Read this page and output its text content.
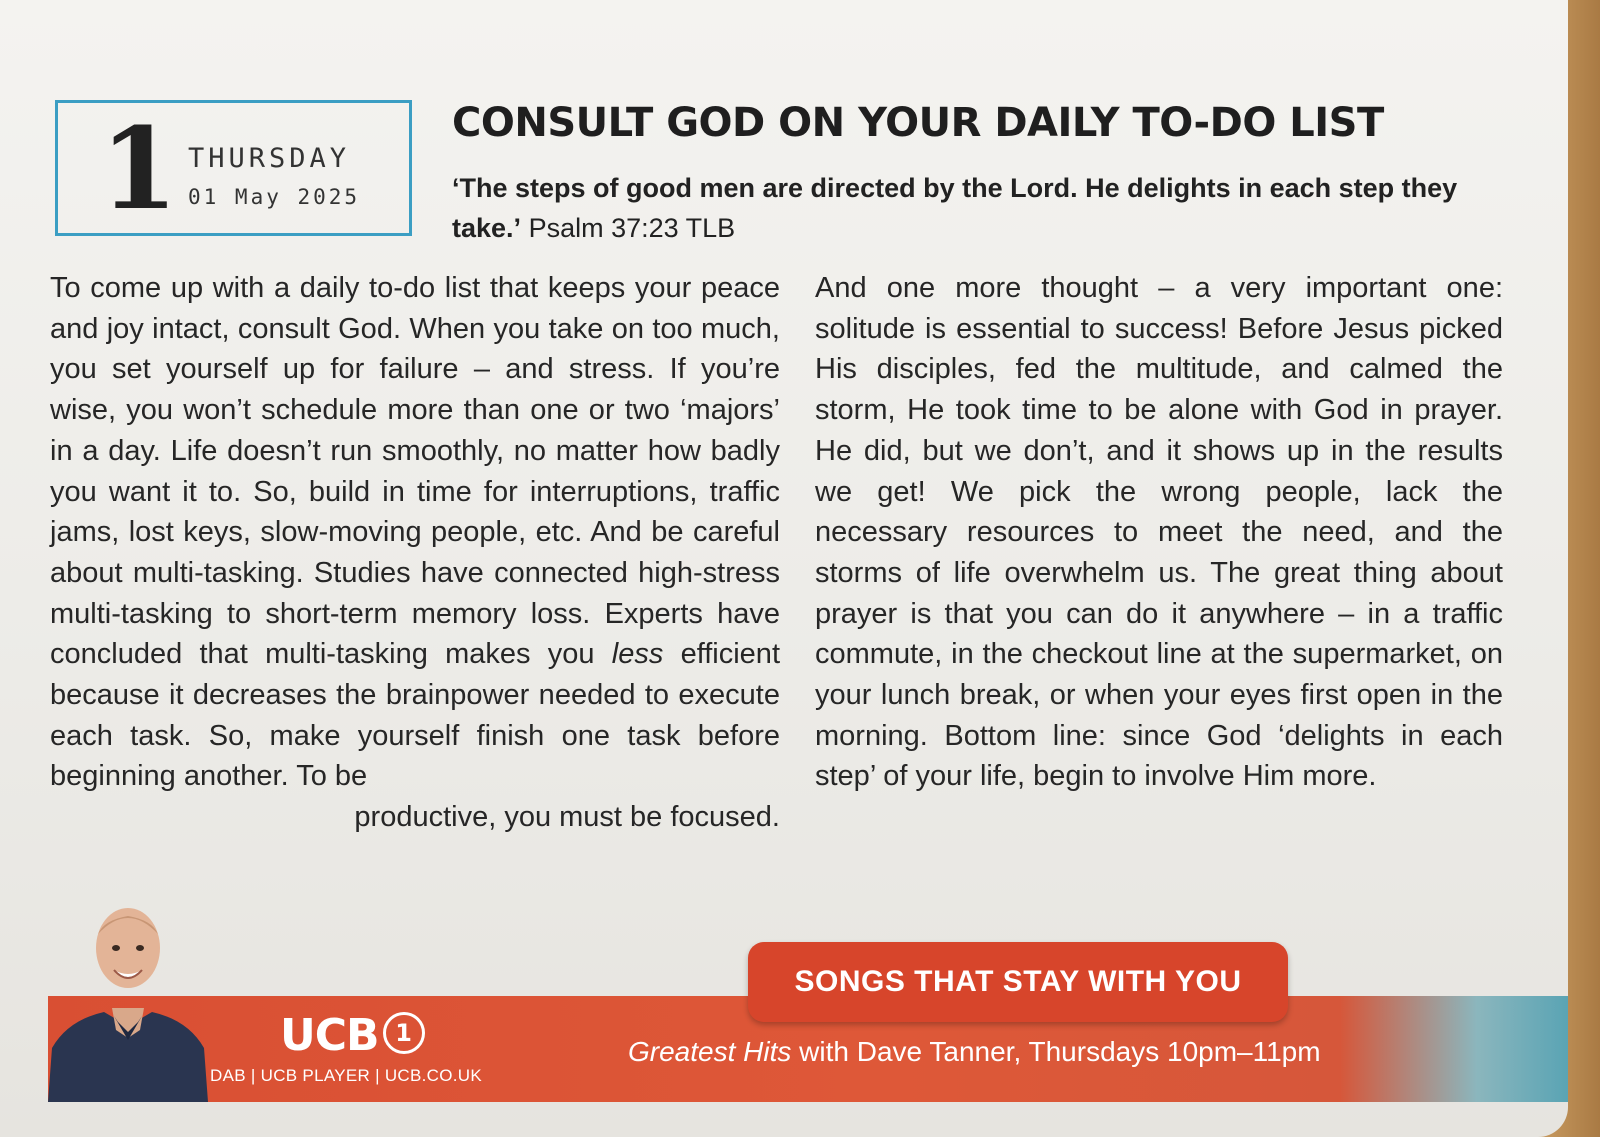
1 THURSDAY
01 May 2025
CONSULT GOD ON YOUR DAILY TO-DO LIST
‘The steps of good men are directed by the Lord. He delights in each step they take.’ Psalm 37:23 TLB

To come up with a daily to-do list that keeps your peace and joy intact, consult God. When you take on too much, you set yourself up for failure – and stress. If you’re wise, you won’t schedule more than one or two ‘majors’ in a day. Life doesn’t run smoothly, no matter how badly you want it to. So, build in time for interruptions, traffic jams, lost keys, slow-moving people, etc. And be careful about multi-tasking. Studies have connected high-stress multi-tasking to short-term memory loss. Experts have concluded that multi-tasking makes you less efficient because it decreases the brainpower needed to execute each task. So, make yourself finish one task before beginning another. To be

productive, you must be focused.

And one more thought – a very important one: solitude is essential to success! Before Jesus picked His disciples, fed the multitude, and calmed the storm, He took time to be alone with God in prayer. He did, but we don’t, and it shows up in the results we get! We pick the wrong people, lack the necessary resources to meet the need, and the storms of life overwhelm us. The great thing about prayer is that you can do it anywhere – in a traffic commute, in the checkout line at the supermarket, on your lunch break, or when your eyes first open in the morning. Bottom line: since God ‘delights in each step’ of your life, begin to involve Him more.

SONGS THAT STAY WITH YOU
UCB 1
DAB | UCB PLAYER | UCB.CO.UK
Greatest Hits with Dave Tanner, Thursdays 10pm–11pm
